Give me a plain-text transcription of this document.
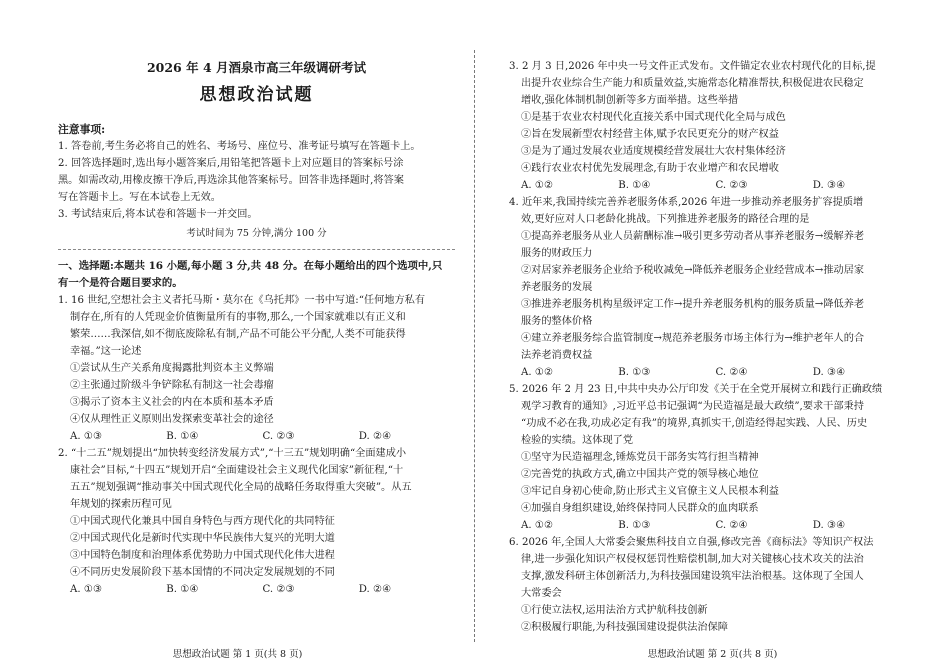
2026 年 4 月酒泉市高三年级调研考试
思想政治试题
注意事项:
1. 答卷前,考生务必将自己的姓名、考场号、座位号、准考证号填写在答题卡上。
2. 回答选择题时,选出每小题答案后,用铅笔把答题卡上对应题目的答案标号涂
黑。如需改动,用橡皮擦干净后,再选涂其他答案标号。回答非选择题时,将答案
写在答题卡上。写在本试卷上无效。
3. 考试结束后,将本试卷和答题卡一并交回。
考试时间为 75 分钟,满分 100 分
一、选择题:本题共 16 小题,每小题 3 分,共 48 分。在每小题给出的四个选项中,只
有一个是符合题目要求的。
1. 16 世纪,空想社会主义者托马斯・莫尔在《乌托邦》一书中写道:“任何地方私有
制存在,所有的人凭现金价值衡量所有的事物,那么,一个国家就难以有正义和
繁荣……我深信,如不彻底废除私有制,产品不可能公平分配,人类不可能获得
幸福。”这一论述
①尝试从生产关系角度揭露批判资本主义弊端
②主张通过阶级斗争铲除私有制这一社会毒瘤
③揭示了资本主义社会的内在本质和基本矛盾
④仅从理性正义原则出发探索变革社会的途径
A. ①③	B. ①④	C. ②③	D. ②④
2. “十二五”规划提出“加快转变经济发展方式”,“十三五”规划明确“全面建成小
康社会”目标,“十四五”规划开启“全面建设社会主义现代化国家”新征程,“十
五五”规划强调“推动事关中国式现代化全局的战略任务取得重大突破”。从五
年规划的探索历程可见
①中国式现代化兼具中国自身特色与西方现代化的共同特征
②中国式现代化是新时代实现中华民族伟大复兴的光明大道
③中国特色制度和治理体系优势助力中国式现代化伟大进程
④不同历史发展阶段下基本国情的不同决定发展规划的不同
A. ①③	B. ①④	C. ②③	D. ②④
思想政治试题 第 1 页(共 8 页)
3. 2 月 3 日,2026 年中央一号文件正式发布。文件锚定农业农村现代化的目标,提
出提升农业综合生产能力和质量效益,实施常态化精准帮扶,积极促进农民稳定
增收,强化体制机制创新等多方面举措。这些举措
①是基于农业农村现代化直接关系中国式现代化全局与成色
②旨在发展新型农村经营主体,赋予农民更充分的财产权益
③是为了通过发展农业适度规模经营发展壮大农村集体经济
④践行农业农村优先发展理念,有助于农业增产和农民增收
A. ①②	B. ①④	C. ②③	D. ③④
4. 近年来,我国持续完善养老服务体系,2026 年进一步推动养老服务扩容提质增
效,更好应对人口老龄化挑战。下列推进养老服务的路径合理的是
①提高养老服务从业人员薪酬标准→吸引更多劳动者从事养老服务→缓解养老
服务的财政压力
②对居家养老服务企业给予税收减免→降低养老服务企业经营成本→推动居家
养老服务的发展
③推进养老服务机构星级评定工作→提升养老服务机构的服务质量→降低养老
服务的整体价格
④建立养老服务综合监管制度→规范养老服务市场主体行为→维护老年人的合
法养老消费权益
A. ①②	B. ①③	C. ②④	D. ③④
5. 2026 年 2 月 23 日,中共中央办公厅印发《关于在全党开展树立和践行正确政绩
观学习教育的通知》,习近平总书记强调“为民造福是最大政绩”,要求干部秉持
“功成不必在我,功成必定有我”的境界,真抓实干,创造经得起实践、人民、历史
检验的实绩。这体现了党
①坚守为民造福理念,锤炼党员干部务实笃行担当精神
②完善党的执政方式,确立中国共产党的领导核心地位
③牢记自身初心使命,防止形式主义官僚主义人民根本利益
④加强自身组织建设,始终保持同人民群众的血肉联系
A. ①②	B. ①③	C. ②④	D. ③④
6. 2026 年,全国人大常委会聚焦科技自立自强,修改完善《商标法》等知识产权法
律,进一步强化知识产权侵权惩罚性赔偿机制,加大对关键核心技术攻关的法治
支撑,激发科研主体创新活力,为科技强国建设筑牢法治根基。这体现了全国人
大常委会
①行使立法权,运用法治方式护航科技创新
②积极履行职能,为科技强国建设提供法治保障
思想政治试题 第 2 页(共 8 页)
